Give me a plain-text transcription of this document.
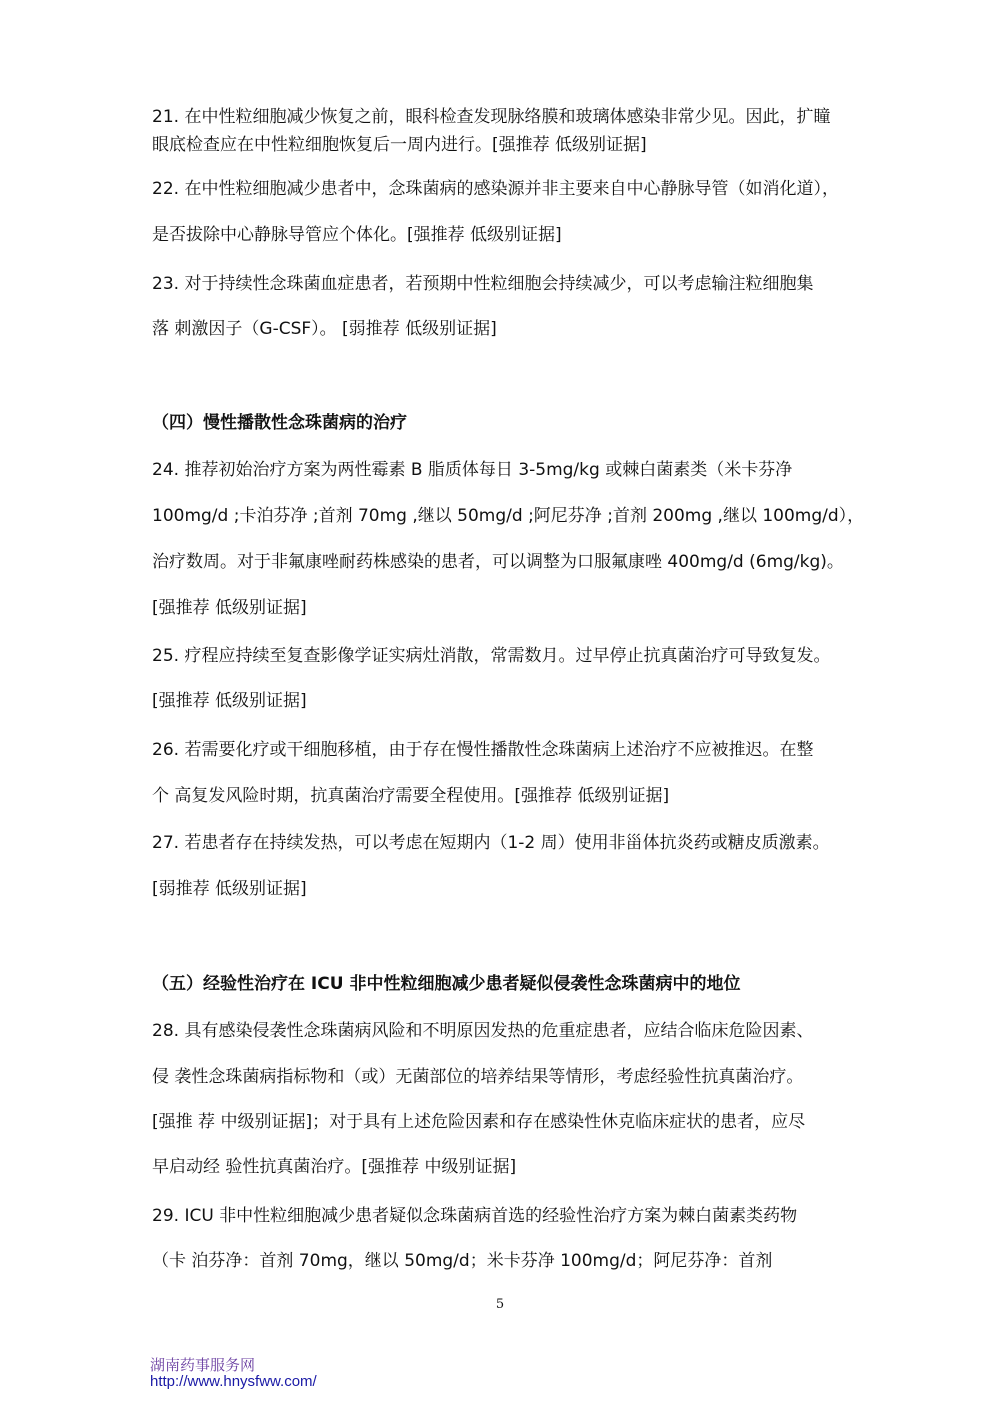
21. 在中性粒细胞减少恢复之前，眼科检查发现脉络膜和玻璃体感染非常少见。因此，扩瞳
眼底检查应在中性粒细胞恢复后一周内进行。[强推荐 低级别证据]
22. 在中性粒细胞减少患者中，念珠菌病的感染源并非主要来自中心静脉导管（如消化道），
是否拔除中心静脉导管应个体化。[强推荐 低级别证据]
23. 对于持续性念珠菌血症患者，若预期中性粒细胞会持续减少，可以考虑输注粒细胞集
落 刺激因子（G-CSF）。 [弱推荐 低级别证据]
（四）慢性播散性念珠菌病的治疗
24. 推荐初始治疗方案为两性霉素 B 脂质体每日 3-5mg/kg 或棘白菌素类（米卡芬净
100mg/d ;卡泊芬净 ;首剂 70mg ,继以 50mg/d ;阿尼芬净 ;首剂 200mg ,继以 100mg/d），
治疗数周。对于非氟康唑耐药株感染的患者，可以调整为口服氟康唑 400mg/d (6mg/kg)。
[强推荐 低级别证据]
25. 疗程应持续至复查影像学证实病灶消散，常需数月。过早停止抗真菌治疗可导致复发。
[强推荐 低级别证据]
26. 若需要化疗或干细胞移植，由于存在慢性播散性念珠菌病上述治疗不应被推迟。在整
个 高复发风险时期，抗真菌治疗需要全程使用。[强推荐 低级别证据]
27. 若患者存在持续发热，可以考虑在短期内（1-2 周）使用非甾体抗炎药或糖皮质激素。
[弱推荐 低级别证据]
（五）经验性治疗在 ICU 非中性粒细胞减少患者疑似侵袭性念珠菌病中的地位
28. 具有感染侵袭性念珠菌病风险和不明原因发热的危重症患者，应结合临床危险因素、
侵 袭性念珠菌病指标物和（或）无菌部位的培养结果等情形，考虑经验性抗真菌治疗。
[强推 荐 中级别证据]；对于具有上述危险因素和存在感染性休克临床症状的患者，应尽
早启动经 验性抗真菌治疗。[强推荐 中级别证据]
29. ICU 非中性粒细胞减少患者疑似念珠菌病首选的经验性治疗方案为棘白菌素类药物
（卡 泊芬净：首剂 70mg，继以 50mg/d；米卡芬净 100mg/d；阿尼芬净：首剂
5
湖南药事服务网
http://www.hnysfww.com/
